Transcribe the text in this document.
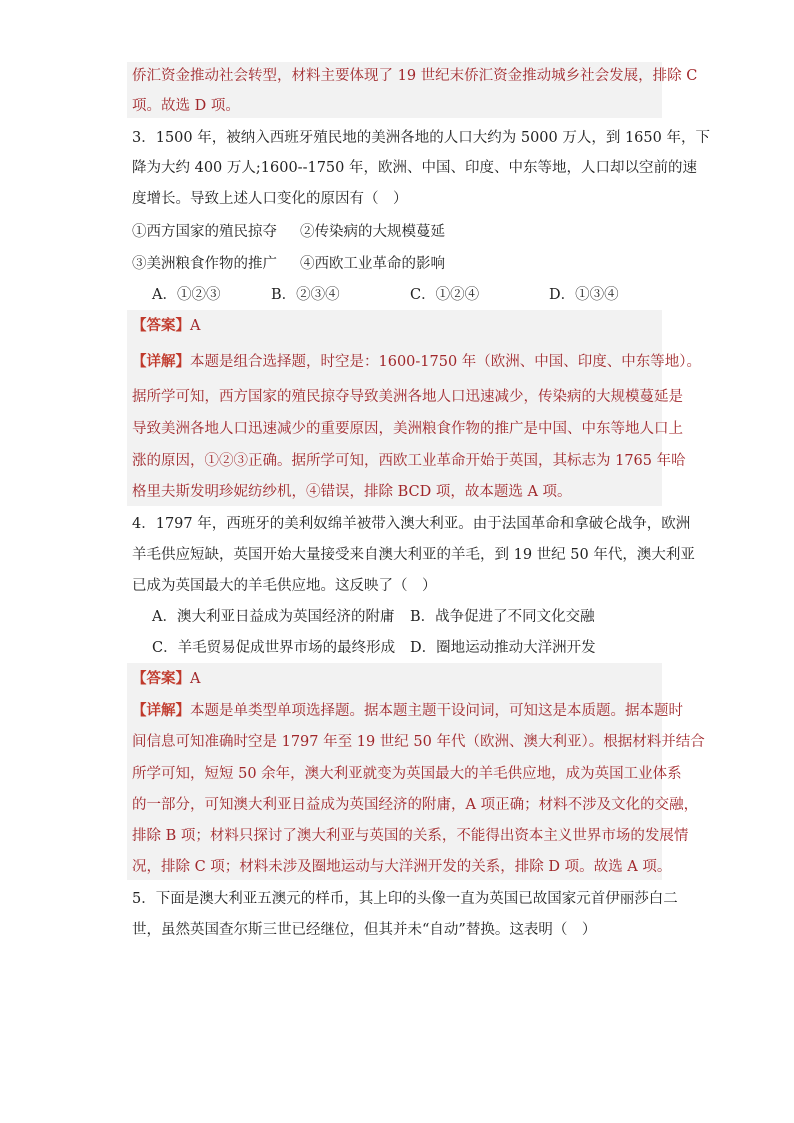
侨汇资金推动社会转型，材料主要体现了 19 世纪末侨汇资金推动城乡社会发展，排除 C
项。故选 D 项。
3．1500 年，被纳入西班牙殖民地的美洲各地的人口大约为 5000 万人，到 1650 年，下
降为大约 400 万人;1600--1750 年，欧洲、中国、印度、中东等地，人口却以空前的速
度增长。导致上述人口变化的原因有（　）
①西方国家的殖民掠夺 ②传染病的大规模蔓延
③美洲粮食作物的推广 ④西欧工业革命的影响
A．①②③	B．②③④	C．①②④	D．①③④
【答案】A
【详解】本题是组合选择题，时空是：1600-1750 年（欧洲、中国、印度、中东等地）。
据所学可知，西方国家的殖民掠夺导致美洲各地人口迅速减少，传染病的大规模蔓延是
导致美洲各地人口迅速减少的重要原因，美洲粮食作物的推广是中国、中东等地人口上
涨的原因，①②③正确。据所学可知，西欧工业革命开始于英国，其标志为 1765 年哈
格里夫斯发明珍妮纺纱机，④错误，排除 BCD 项，故本题选 A 项。
4．1797 年，西班牙的美利奴绵羊被带入澳大利亚。由于法国革命和拿破仑战争，欧洲
羊毛供应短缺，英国开始大量接受来自澳大利亚的羊毛，到 19 世纪 50 年代，澳大利亚
已成为英国最大的羊毛供应地。这反映了（　）
A．澳大利亚日益成为英国经济的附庸 B．战争促进了不同文化交融
C．羊毛贸易促成世界市场的最终形成 D．圈地运动推动大洋洲开发
【答案】A
【详解】本题是单类型单项选择题。据本题主题干设问词，可知这是本质题。据本题时
间信息可知准确时空是 1797 年至 19 世纪 50 年代（欧洲、澳大利亚）。根据材料并结合
所学可知，短短 50 余年，澳大利亚就变为英国最大的羊毛供应地，成为英国工业体系
的一部分，可知澳大利亚日益成为英国经济的附庸，A 项正确；材料不涉及文化的交融，
排除 B 项；材料只探讨了澳大利亚与英国的关系，不能得出资本主义世界市场的发展情
况，排除 C 项；材料未涉及圈地运动与大洋洲开发的关系，排除 D 项。故选 A 项。
5．下面是澳大利亚五澳元的样币，其上印的头像一直为英国已故国家元首伊丽莎白二
世，虽然英国查尔斯三世已经继位，但其并未“自动”替换。这表明（　）
